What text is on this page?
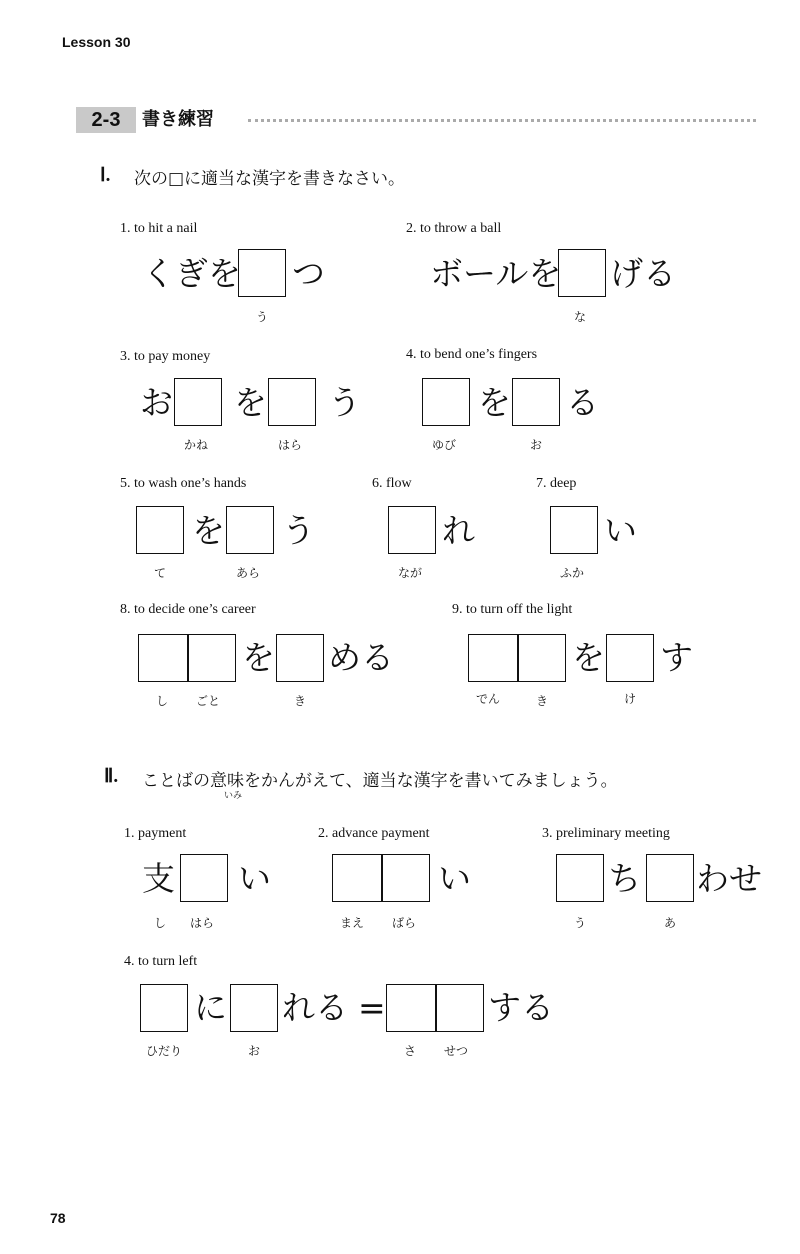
Lesson 30
2-3	書き練習
Ⅰ. 次の□に適当な漢字を書きなさい。
1. to hit a nail
くぎを つ
う
2. to throw a ball
ボールを げる
な
3. to pay money
お を う
かね	はら
4. to bend one’s fingers
を る
ゆび	お
5. to wash one’s hands
を う
て	あら
6. flow
れ
なが
7. deep
い
ふか
8. to decide one’s career
を める
し ごと	き
9. to turn off the light
を す
でん	き	け
Ⅱ. ことばの 意味
いみ
をかんがえて、適当な漢字を書いてみましょう。
1. payment
支 い
し はら
2. advance payment
い
まえ ばら
3. preliminary meeting
ち わせ
う	あ
4. to turn left
に れる =	する
ひだり	お	さ せつ
78
